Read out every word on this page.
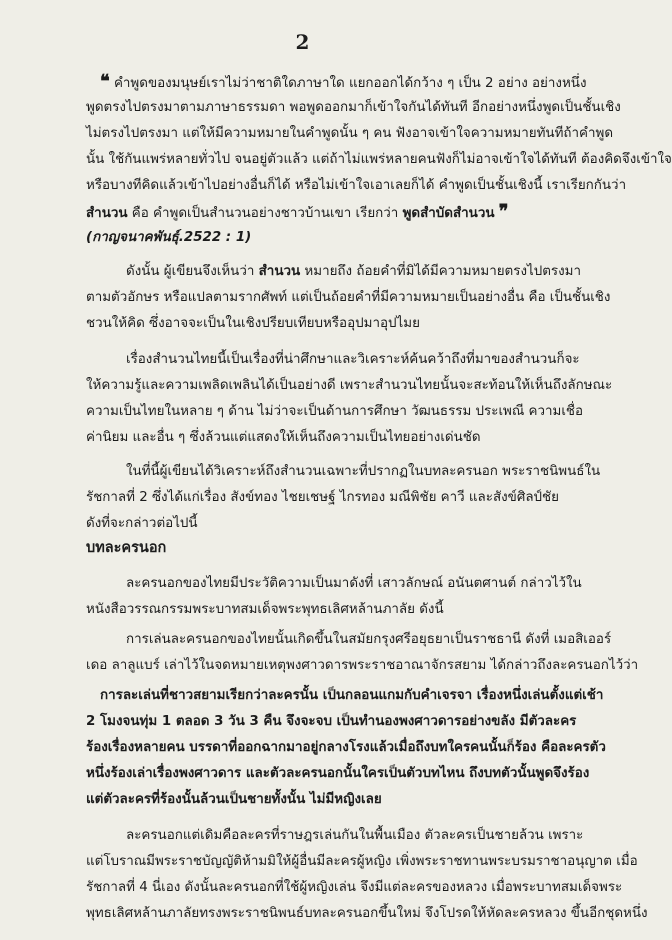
2
❝ คำพูดของมนุษย์เราไม่ว่าชาติใดภาษาใด แยกออกได้กว้าง ๆ เป็น 2 อย่าง อย่างหนึ่ง
พูดตรงไปตรงมาตามภาษาธรรมดา พอพูดออกมาก็เข้าใจกันได้ทันที อีกอย่างหนึ่งพูดเป็นชั้นเชิง
ไม่ตรงไปตรงมา แต่ให้มีความหมายในคำพูดนั้น ๆ คน ฟังอาจเข้าใจความหมายทันทีถ้าคำพูด
นั้น ใช้กันแพร่หลายทั่วไป จนอยู่ตัวแล้ว แต่ถ้าไม่แพร่หลายคนฟังก็ไม่อาจเข้าใจได้ทันที ต้องคิดจึงเข้าใจ
หรือบางทีคิดแล้วเข้าไปอย่างอื่นก็ได้ หรือไม่เข้าใจเอาเลยก็ได้ คำพูดเป็นชั้นเชิงนี้ เราเรียกกันว่า
สำนวน คือ คำพูดเป็นสำนวนอย่างชาวบ้านเขา เรียกว่า พูดสำบัดสำนวน ❞
(กาญจนาคพันธุ์.2522 : 1)
ดังนั้น ผู้เขียนจึงเห็นว่า สำนวน หมายถึง ถ้อยคำที่มิได้มีความหมายตรงไปตรงมา
ตามตัวอักษร หรือแปลตามรากศัพท์ แต่เป็นถ้อยคำที่มีความหมายเป็นอย่างอื่น คือ เป็นชั้นเชิง
ชวนให้คิด ซึ่งอาจจะเป็นในเชิงปรียบเทียบหรืออุปมาอุปไมย
เรื่องสำนวนไทยนี้เป็นเรื่องที่น่าศึกษาและวิเคราะห์ค้นคว้าถึงที่มาของสำนวนก็จะ
ให้ความรู้และความเพลิดเพลินได้เป็นอย่างดี เพราะสำนวนไทยนั้นจะสะท้อนให้เห็นถึงลักษณะ
ความเป็นไทยในหลาย ๆ ด้าน ไม่ว่าจะเป็นด้านการศึกษา วัฒนธรรม ประเพณี ความเชื่อ
ค่านิยม และอื่น ๆ ซึ่งล้วนแต่แสดงให้เห็นถึงความเป็นไทยอย่างเด่นชัด
ในที่นี้ผู้เขียนได้วิเคราะห์ถึงสำนวนเฉพาะที่ปรากฏในบทละครนอก พระราชนิพนธ์ใน
รัชกาลที่ 2 ซึ่งได้แก่เรื่อง สังข์ทอง ไชยเชษฐ์ ไกรทอง มณีพิชัย คาวี และสังข์ศิลป์ชัย
ดังที่จะกล่าวต่อไปนี้
บทละครนอก
ละครนอกของไทยมีประวัติความเป็นมาดังที่ เสาวลักษณ์ อนันตศานต์ กล่าวไว้ใน
หนังสือวรรณกรรมพระบาทสมเด็จพระพุทธเลิศหล้านภาลัย ดังนี้
การเล่นละครนอกของไทยนั้นเกิดขึ้นในสมัยกรุงศรีอยุธยาเป็นราชธานี ดังที่ เมอสิเออร์
เดอ ลาลูแบร์ เล่าไว้ในจดหมายเหตุพงศาวดารพระราชอาณาจักรสยาม ได้กล่าวถึงละครนอกไว้ว่า
การละเล่นที่ชาวสยามเรียกว่าละครนั้น เป็นกลอนแกมกับคำเจรจา เรื่องหนึ่งเล่นตั้งแต่เช้า
2 โมงจนทุ่ม 1 ตลอด 3 วัน 3 คืน จึงจะจบ เป็นทำนองพงศาวดารอย่างขลัง มีตัวละคร
ร้องเรื่องหลายคน บรรดาที่ออกฉากมาอยู่กลางโรงแล้วเมื่อถึงบทใครคนนั้นก็ร้อง คือละครตัว
หนึ่งร้องเล่าเรื่องพงศาวดาร และตัวละครนอกนั้นใครเป็นตัวบทไหน ถึงบทตัวนั้นพูดจึงร้อง
แต่ตัวละครที่ร้องนั้นล้วนเป็นชายทั้งนั้น ไม่มีหญิงเลย
ละครนอกแต่เดิมคือละครที่ราษฎรเล่นกันในพื้นเมือง ตัวละครเป็นชายล้วน เพราะ
แต่โบราณมีพระราชบัญญัติห้ามมิให้ผู้อื่นมีละครผู้หญิง เพิ่งพระราชทานพระบรมราชาอนุญาต เมื่อ
รัชกาลที่ 4 นี่เอง ดังนั้นละครนอกที่ใช้ผู้หญิงเล่น จึงมีแต่ละครของหลวง เมื่อพระบาทสมเด็จพระ
พุทธเลิศหล้านภาลัยทรงพระราชนิพนธ์บทละครนอกขึ้นใหม่ จึงโปรดให้หัดละครหลวง ขึ้นอีกชุดหนึ่ง
